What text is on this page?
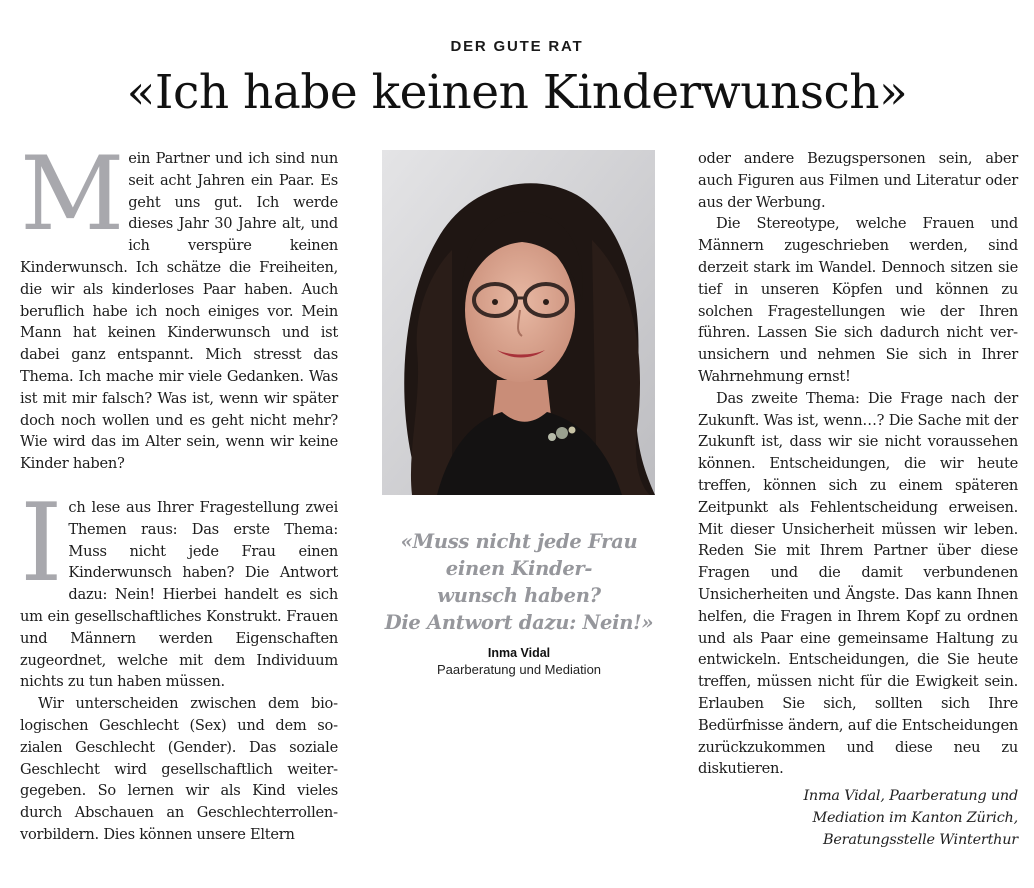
DER GUTE RAT
«Ich habe keinen Kinderwunsch»

Mein Partner und ich sind nun seit acht Jahren ein Paar. Es geht uns gut. Ich werde dieses Jahr 30 Jahre alt, und ich verspüre keinen Kinderwunsch. Ich schätze die Freiheiten, die wir als kinderloses Paar haben. Auch beruflich habe ich noch einiges vor. Mein Mann hat keinen Kinderwunsch und ist dabei ganz entspannt. Mich stresst das Thema. Ich mache mir viele Gedanken. Was ist mit mir falsch? Was ist, wenn wir später doch noch wollen und es geht nicht mehr? Wie wird das im Alter sein, wenn wir keine Kinder haben?

Ich lese aus Ihrer Fragestellung zwei Themen raus: Das erste Thema: Muss nicht jede Frau einen Kinderwunsch haben? Die Antwort dazu: Nein! Hierbei handelt es sich um ein gesellschaftliches Konstrukt. Frauen und Männern werden Eigenschaften zugeordnet, welche mit dem Individuum nichts zu tun haben müssen.

Wir unterscheiden zwischen dem biologischen Geschlecht (Sex) und dem sozialen Geschlecht (Gender). Das soziale Geschlecht wird gesellschaftlich weitergegeben. So lernen wir als Kind vieles durch Abschauen an Geschlechterrollenvorbildern. Dies können unsere Eltern

«Muss nicht jede Frau
einen Kinder-
wunsch haben?
Die Antwort dazu: Nein!»

Inma Vidal
Paarberatung und Mediation

oder andere Bezugspersonen sein, aber auch Figuren aus Filmen und Literatur oder aus der Werbung.

Die Stereotype, welche Frauen und Männern zugeschrieben werden, sind derzeit stark im Wandel. Dennoch sitzen sie tief in unseren Köpfen und können zu solchen Fragestellungen wie der Ihren führen. Lassen Sie sich dadurch nicht verunsichern und nehmen Sie sich in Ihrer Wahrnehmung ernst!

Das zweite Thema: Die Frage nach der Zukunft. Was ist, wenn…? Die Sache mit der Zukunft ist, dass wir sie nicht voraussehen können. Entscheidungen, die wir heute treffen, können sich zu einem späteren Zeitpunkt als Fehlentscheidung erweisen. Mit dieser Unsicherheit müssen wir leben. Reden Sie mit Ihrem Partner über diese Fragen und die damit verbundenen Unsicherheiten und Ängste. Das kann Ihnen helfen, die Fragen in Ihrem Kopf zu ordnen und als Paar eine gemeinsame Haltung zu entwickeln. Entscheidungen, die Sie heute treffen, müssen nicht für die Ewigkeit sein. Erlauben Sie sich, sollten sich Ihre Bedürfnisse ändern, auf die Entscheidungen zurückzukommen und diese neu zu diskutieren.

Inma Vidal, Paarberatung und
Mediation im Kanton Zürich,
Beratungsstelle Winterthur
